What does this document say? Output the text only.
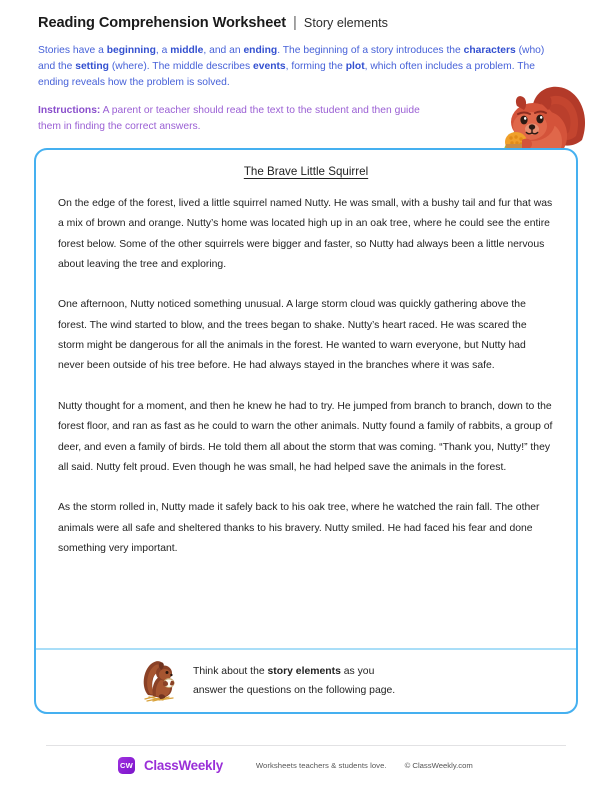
Reading Comprehension Worksheet | Story elements
Stories have a beginning, a middle, and an ending. The beginning of a story introduces the characters (who) and the setting (where). The middle describes events, forming the plot, which often includes a problem. The ending reveals how the problem is solved.
Instructions: A parent or teacher should read the text to the student and then guide them in finding the correct answers.
The Brave Little Squirrel

On the edge of the forest, lived a little squirrel named Nutty. He was small, with a bushy tail and fur that was a mix of brown and orange. Nutty’s home was located high up in an oak tree, where he could see the entire forest below. Some of the other squirrels were bigger and faster, so Nutty had always been a little nervous about leaving the tree and exploring.

One afternoon, Nutty noticed something unusual. A large storm cloud was quickly gathering above the forest. The wind started to blow, and the trees began to shake. Nutty’s heart raced. He was scared the storm might be dangerous for all the animals in the forest. He wanted to warn everyone, but Nutty had never been outside of his tree before. He had always stayed in the branches where it was safe.

Nutty thought for a moment, and then he knew he had to try. He jumped from branch to branch, down to the forest floor, and ran as fast as he could to warn the other animals. Nutty found a family of rabbits, a group of deer, and even a family of birds. He told them all about the storm that was coming. “Thank you, Nutty!” they all said. Nutty felt proud. Even though he was small, he had helped save the animals in the forest.

As the storm rolled in, Nutty made it safely back to his oak tree, where he watched the rain fall. The other animals were all safe and sheltered thanks to his bravery. Nutty smiled. He had faced his fear and done something very important.

Think about the story elements as you
answer the questions on the following page.
CW ClassWeekly	Worksheets teachers & students love. © ClassWeekly.com
